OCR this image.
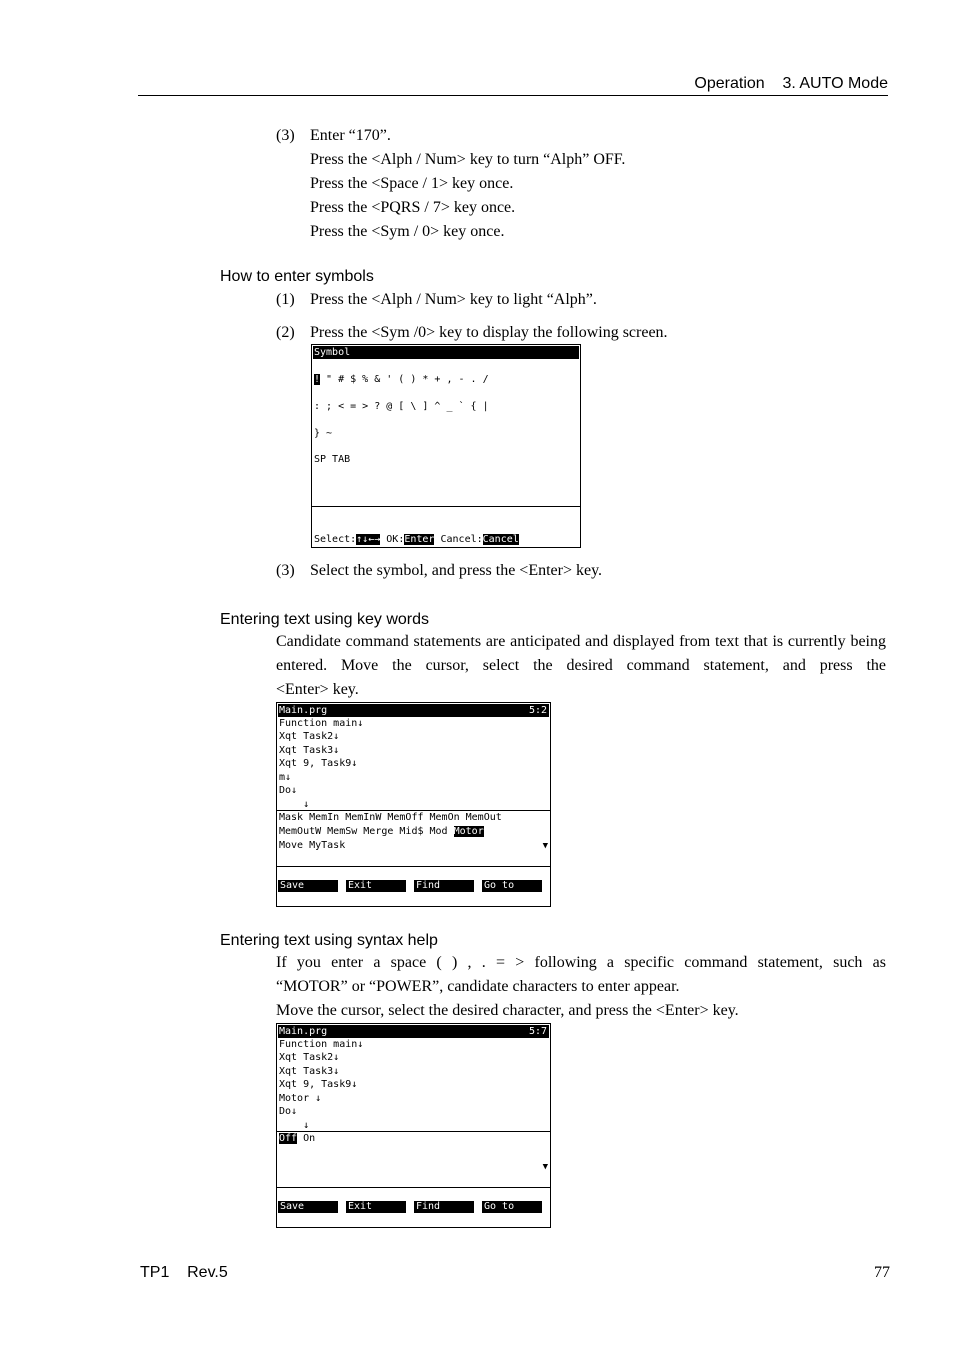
Operation    3. AUTO Mode
(3) Enter “170”.
Press the <Alph / Num> key to turn “Alph” OFF.
Press the <Space / 1> key once.
Press the <PQRS / 7> key once.
Press the <Sym / 0> key once.
How to enter symbols
(1) Press the <Alph / Num> key to light “Alph”.
(2) Press the <Sym /0> key to display the following screen.
Symbol
! " # $ % & ' ( ) * + , - . /
: ; < = > ? @ [ \ ] ^ _ ` { |
} ~
SP TAB
Select:↑↓←→ OK:Enter Cancel:Cancel
(3) Select the symbol, and press the <Enter> key.
Entering text using key words
Candidate command statements are anticipated and displayed from text that is currently being entered. Move the cursor, select the desired command statement, and press the
<Enter> key.
Main.prg	5:2
Function main↓
Xqt Task2↓
Xqt Task3↓
Xqt 9, Task9↓
m↓
Do↓
↓
Mask MemIn MemInW MemOff MemOn MemOut
MemOutW MemSw Merge Mid$ Mod Motor
Move MyTask	▼
Save	Exit	Find	Go to
Entering text using syntax help
If you enter a space ( ) , . = > following a specific command statement, such as
“MOTOR” or “POWER”, candidate characters to enter appear.
Move the cursor, select the desired character, and press the <Enter> key.
Main.prg	5:7
Function main↓
Xqt Task2↓
Xqt Task3↓
Xqt 9, Task9↓
Motor ↓
Do↓
↓
Off On
▼
Save	Exit	Find	Go to
TP1    Rev.5	77
